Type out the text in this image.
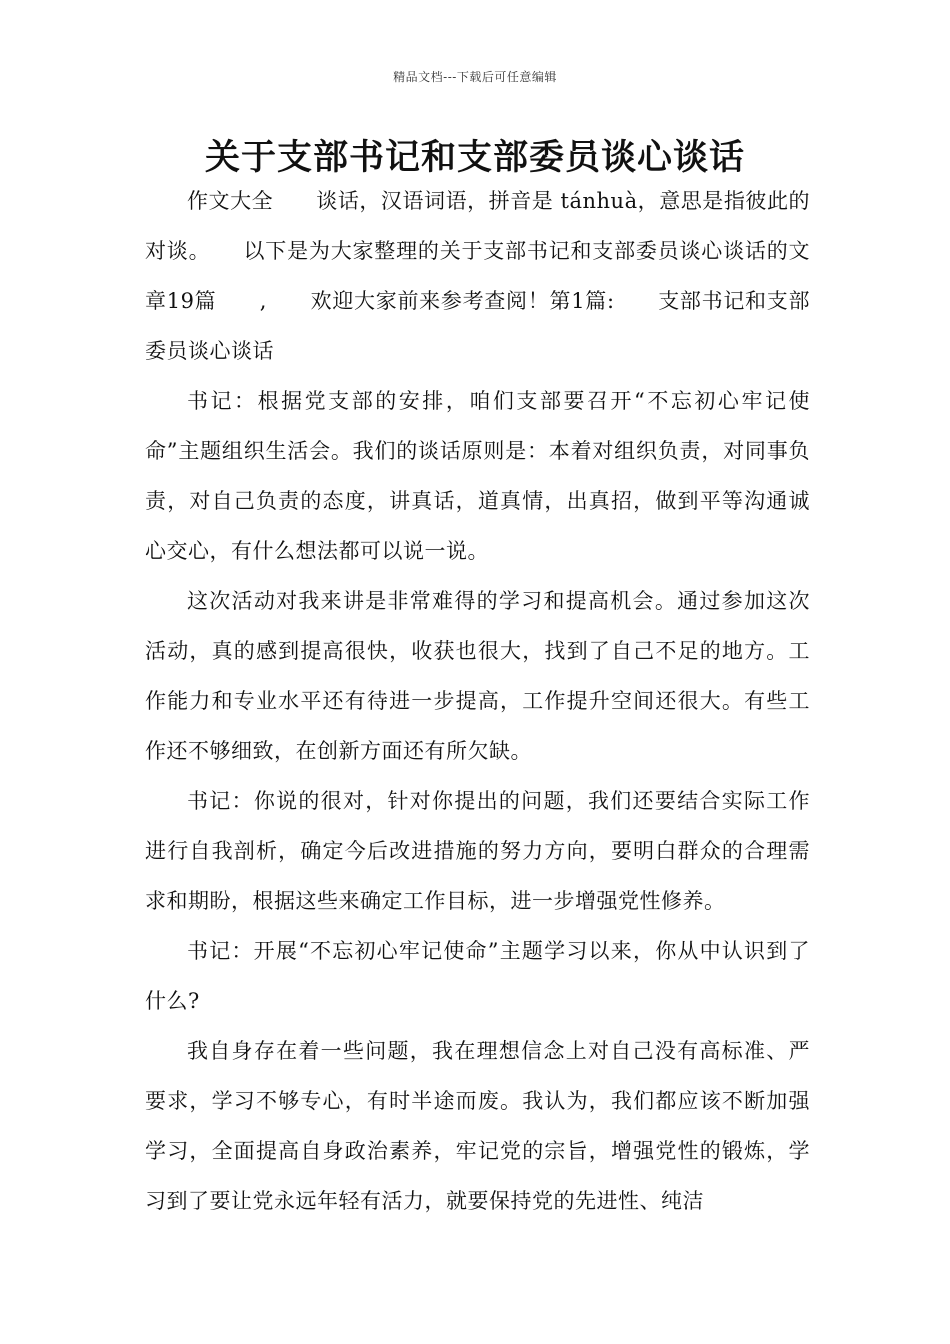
精品文档---下载后可任意编辑
关于支部书记和支部委员谈心谈话

作文大全　　谈话，汉语词语，拼音是 tánhuà，意思是指彼此的对谈。　　以下是为大家整理的关于支部书记和支部委员谈心谈话的文章19篇　　,　　欢迎大家前来参考查阅！第1篇:　　支部书记和支部委员谈心谈话

书记：根据党支部的安排，咱们支部要召开“不忘初心牢记使命”主题组织生活会。我们的谈话原则是：本着对组织负责，对同事负责，对自己负责的态度，讲真话，道真情，出真招，做到平等沟通诚心交心，有什么想法都可以说一说。

这次活动对我来讲是非常难得的学习和提高机会。通过参加这次活动，真的感到提高很快，收获也很大，找到了自己不足的地方。工作能力和专业水平还有待进一步提高，工作提升空间还很大。有些工作还不够细致，在创新方面还有所欠缺。

书记：你说的很对，针对你提出的问题，我们还要结合实际工作进行自我剖析，确定今后改进措施的努力方向，要明白群众的合理需求和期盼，根据这些来确定工作目标，进一步增强党性修养。

书记：开展“不忘初心牢记使命”主题学习以来，你从中认识到了什么?

我自身存在着一些问题，我在理想信念上对自己没有高标准、严要求，学习不够专心，有时半途而废。我认为，我们都应该不断加强学习，全面提高自身政治素养，牢记党的宗旨，增强党性的锻炼，学习到了要让党永远年轻有活力，就要保持党的先进性、纯洁
